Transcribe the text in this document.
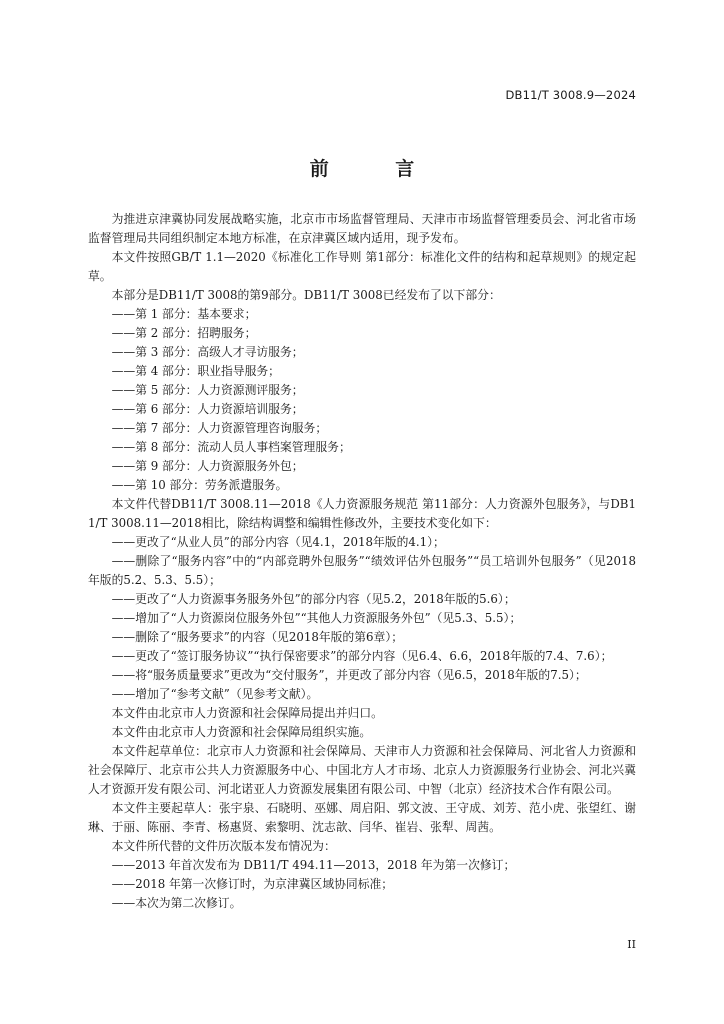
DB11/T 3008.9—2024
前 言

为推进京津冀协同发展战略实施，北京市市场监督管理局、天津市市场监督管理委员会、河北省市场监督管理局共同组织制定本地方标准，在京津冀区域内适用，现予发布。

本文件按照GB/T 1.1—2020《标准化工作导则 第1部分：标准化文件的结构和起草规则》的规定起草。

本部分是DB11/T 3008的第9部分。DB11/T 3008已经发布了以下部分：

——第 1 部分：基本要求；

——第 2 部分：招聘服务；

——第 3 部分：高级人才寻访服务；

——第 4 部分：职业指导服务；

——第 5 部分：人力资源测评服务；

——第 6 部分：人力资源培训服务；

——第 7 部分：人力资源管理咨询服务；

——第 8 部分：流动人员人事档案管理服务；

——第 9 部分：人力资源服务外包；

——第 10 部分：劳务派遣服务。

本文件代替DB11/T 3008.11—2018《人力资源服务规范 第11部分：人力资源外包服务》，与DB11/T 3008.11—2018相比，除结构调整和编辑性修改外，主要技术变化如下：

——更改了“从业人员”的部分内容（见4.1，2018年版的4.1）；

——删除了“服务内容”中的“内部竞聘外包服务”“绩效评估外包服务”“员工培训外包服务”（见2018年版的5.2、5.3、5.5）；

——更改了“人力资源事务服务外包”的部分内容（见5.2，2018年版的5.6）；

——增加了“人力资源岗位服务外包”“其他人力资源服务外包”（见5.3、5.5）；

——删除了“服务要求”的内容（见2018年版的第6章）；

——更改了“签订服务协议”“执行保密要求”的部分内容（见6.4、6.6，2018年版的7.4、7.6）；

——将“服务质量要求”更改为“交付服务”，并更改了部分内容（见6.5，2018年版的7.5）；

——增加了“参考文献”（见参考文献）。

本文件由北京市人力资源和社会保障局提出并归口。

本文件由北京市人力资源和社会保障局组织实施。

本文件起草单位：北京市人力资源和社会保障局、天津市人力资源和社会保障局、河北省人力资源和社会保障厅、北京市公共人力资源服务中心、中国北方人才市场、北京人力资源服务行业协会、河北兴冀人才资源开发有限公司、河北诺亚人力资源发展集团有限公司、中智（北京）经济技术合作有限公司。

本文件主要起草人：张宇泉、石晓明、巫娜、周启阳、郭文波、王守成、刘芳、范小虎、张望红、谢琳、于丽、陈丽、李青、杨惠贤、索黎明、沈志歆、闫华、崔岩、张犁、周茜。

本文件所代替的文件历次版本发布情况为：

——2013 年首次发布为 DB11/T 494.11—2013，2018 年为第一次修订；

——2018 年第一次修订时，为京津冀区域协同标准；

——本次为第二次修订。

II
